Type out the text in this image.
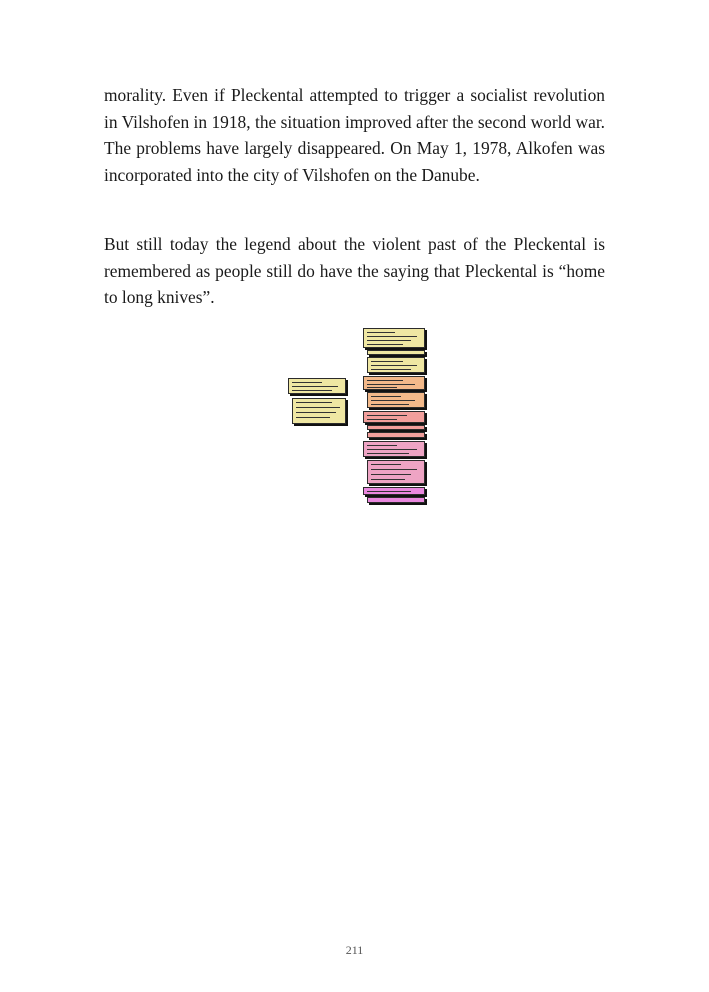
morality. Even if Pleckental attempted to trigger a socialist revolution in Vilshofen in 1918, the situation improved after the second world war. The problems have largely disappeared. On May 1, 1978, Alkofen was incorporated into the city of Vilshofen on the Danube.

But still today the legend about the violent past of the Pleckental is remembered as people still do have the saying that Pleckental is “home to long knives”.

211
